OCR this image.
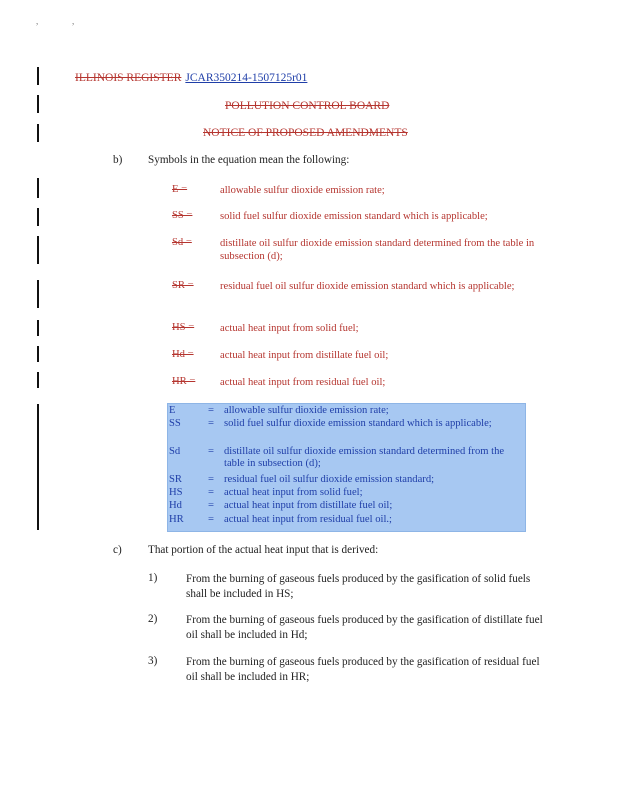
,	,
ILLINOIS REGISTER JCAR350214-1507125r01
POLLUTION CONTROL BOARD
NOTICE OF PROPOSED AMENDMENTS
b) Symbols in the equation mean the following:
E =	allowable sulfur dioxide emission rate;
SS =	solid fuel sulfur dioxide emission standard which is applicable;
Sd =	distillate oil sulfur dioxide emission standard determined from the table in subsection (d);
SR = residual fuel oil sulfur dioxide emission standard which is applicable;
HS = actual heat input from solid fuel;
Hd = actual heat input from distillate fuel oil;
HR = actual heat input from residual fuel oil;
E	= allowable sulfur dioxide emission rate;
SS	= solid fuel sulfur dioxide emission standard which is applicable;
Sd	= distillate oil sulfur dioxide emission standard determined from the table in subsection (d);
SR = residual fuel oil sulfur dioxide emission standard;
HS = actual heat input from solid fuel;
Hd = actual heat input from distillate fuel oil;
HR = actual heat input from residual fuel oil.;
c) That portion of the actual heat input that is derived:
1)	From the burning of gaseous fuels produced by the gasification of solid fuels shall be included in HS;
2)	From the burning of gaseous fuels produced by the gasification of distillate fuel oil shall be included in Hd;
3)	From the burning of gaseous fuels produced by the gasification of residual fuel oil shall be included in HR;
